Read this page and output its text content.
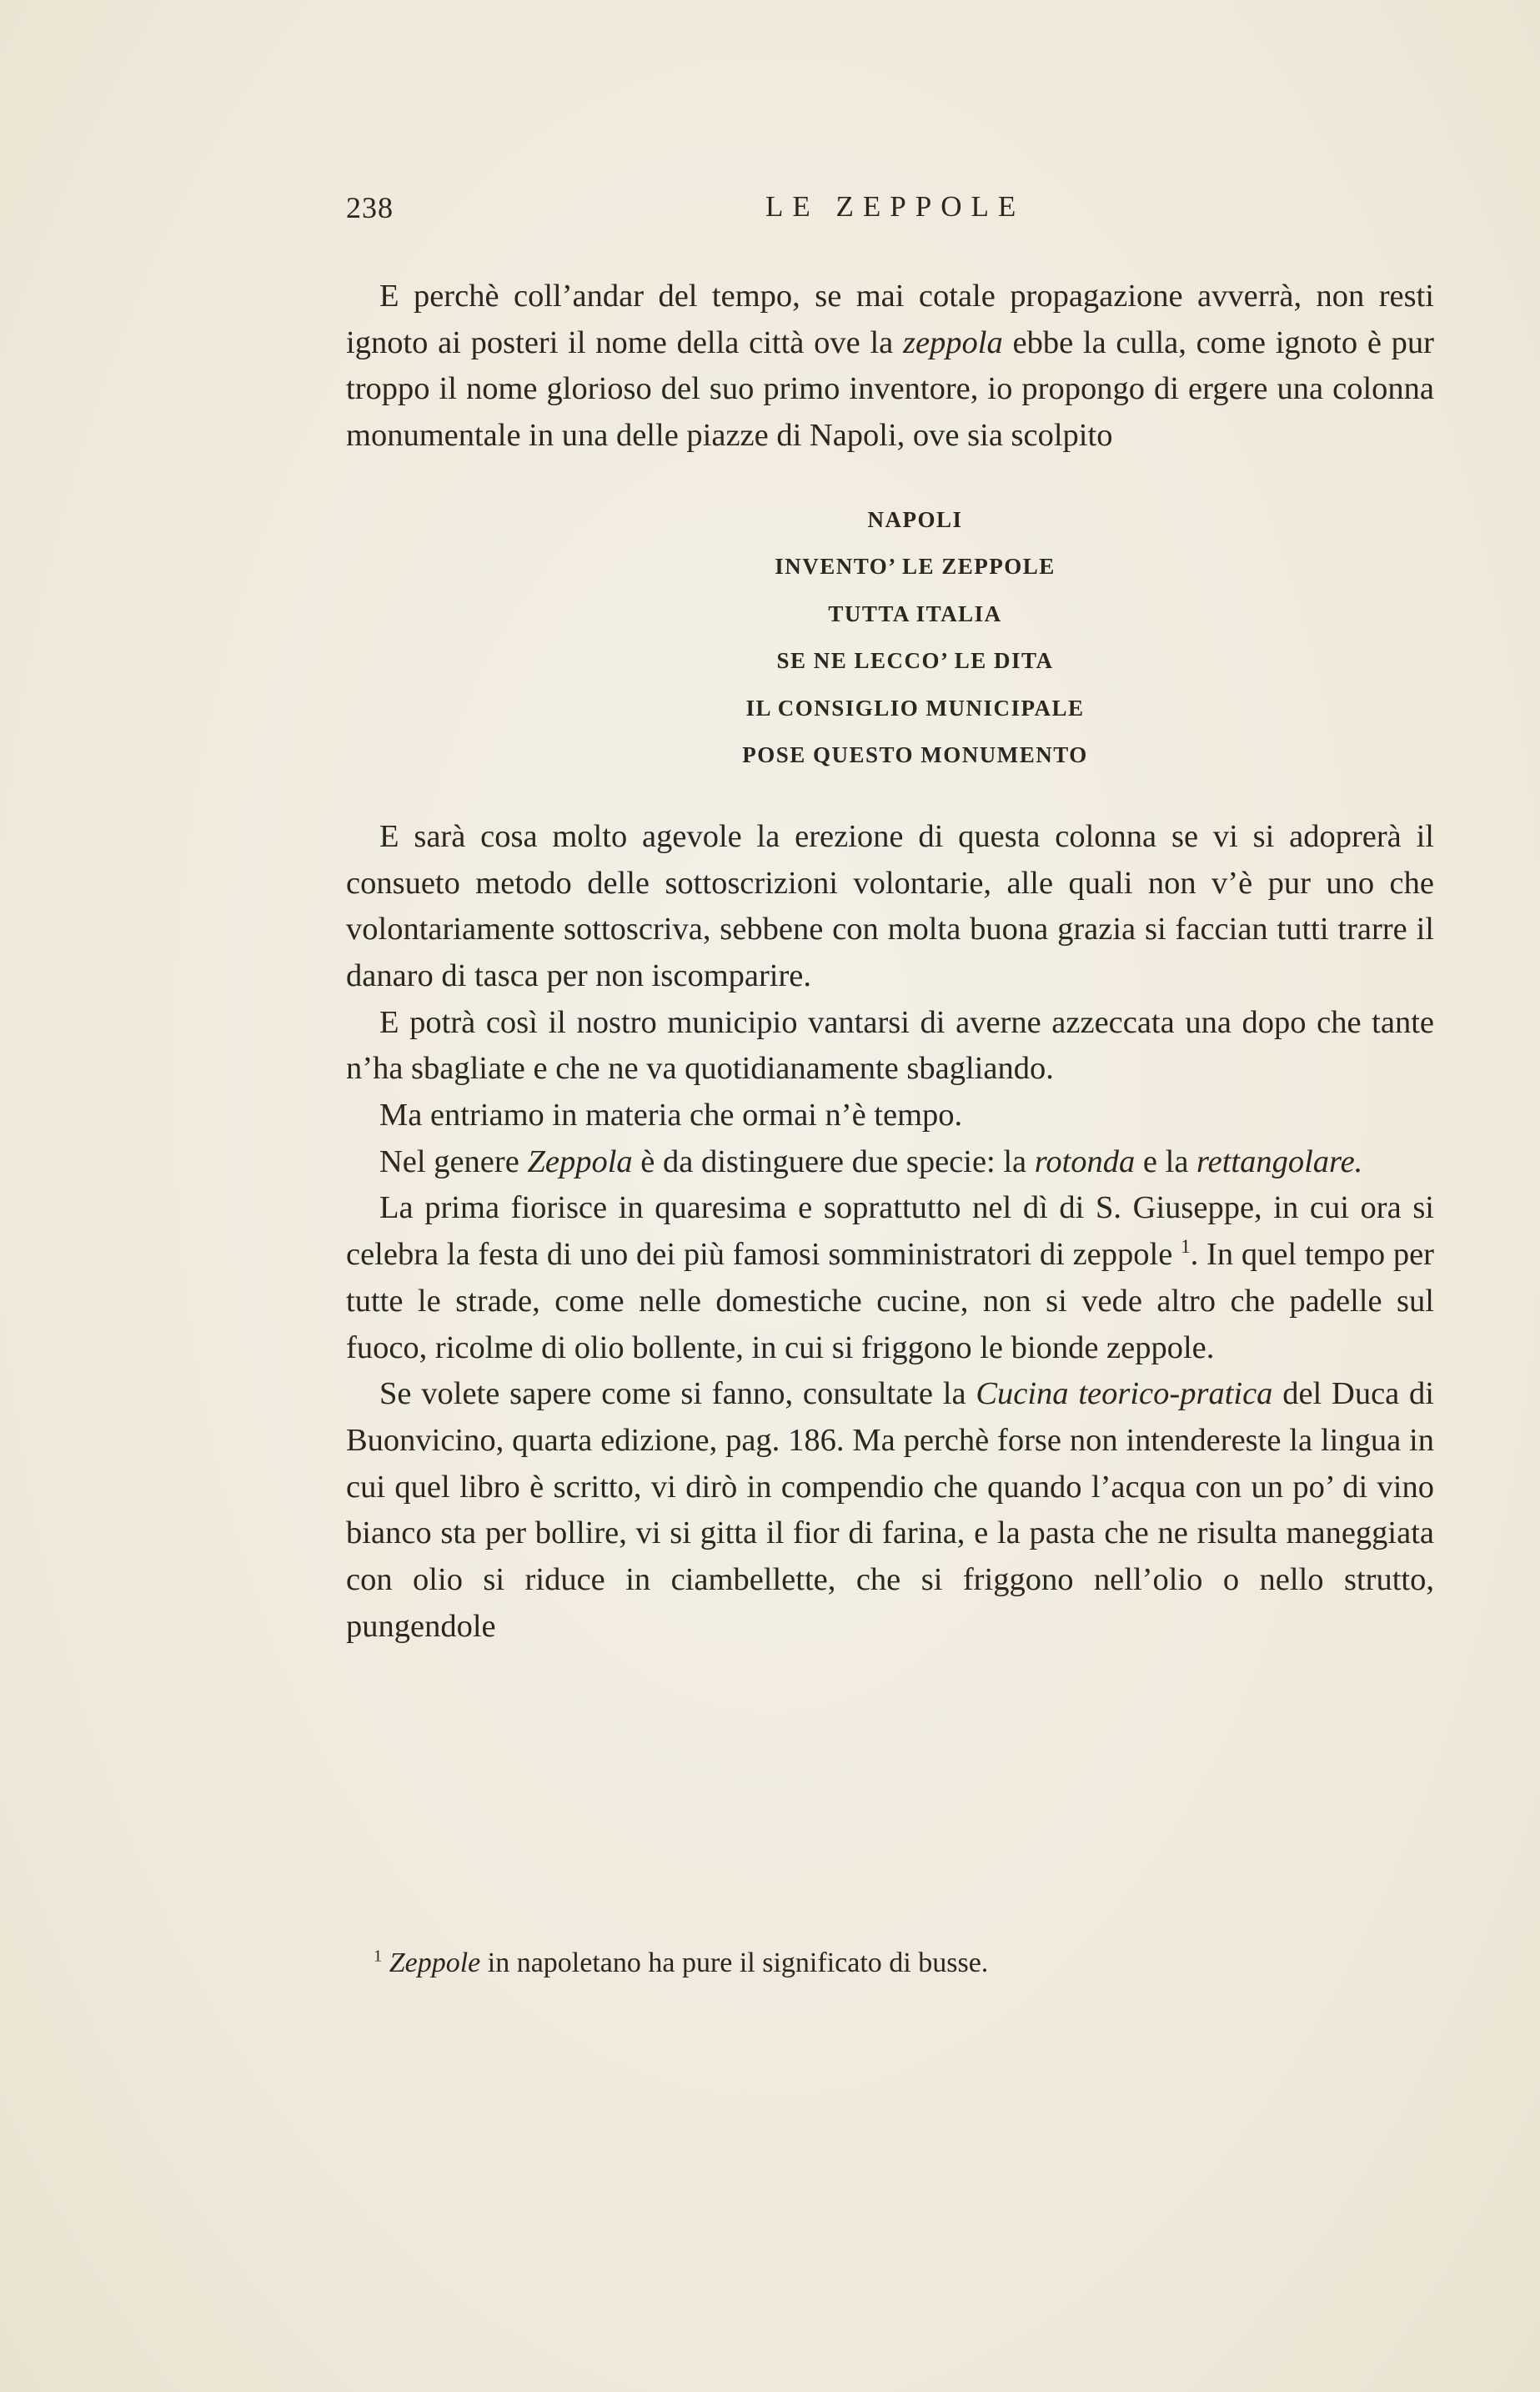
238	LE ZEPPOLE

E perchè coll’andar del tempo, se mai cotale propagazione avverrà, non resti ignoto ai posteri il nome della città ove la zeppola ebbe la culla, come ignoto è pur troppo il nome glorioso del suo primo inventore, io propongo di ergere una colonna monumentale in una delle piazze di Napoli, ove sia scolpito

NAPOLI
INVENTO’ LE ZEPPOLE
TUTTA ITALIA
SE NE LECCO’ LE DITA
IL CONSIGLIO MUNICIPALE
POSE QUESTO MONUMENTO

E sarà cosa molto agevole la erezione di questa colonna se vi si adoprerà il consueto metodo delle sottoscrizioni volontarie, alle quali non v’è pur uno che volontariamente sottoscriva, sebbene con molta buona grazia si faccian tutti trarre il danaro di tasca per non iscomparire.

E potrà così il nostro municipio vantarsi di averne azzeccata una dopo che tante n’ha sbagliate e che ne va quotidianamente sbagliando.

Ma entriamo in materia che ormai n’è tempo.

Nel genere Zeppola è da distinguere due specie: la rotonda e la rettangolare.

La prima fiorisce in quaresima e soprattutto nel dì di S. Giuseppe, in cui ora si celebra la festa di uno dei più famosi somministratori di zeppole $^1$. In quel tempo per tutte le strade, come nelle domestiche cucine, non si vede altro che padelle sul fuoco, ricolme di olio bollente, in cui si friggono le bionde zeppole.

Se volete sapere come si fanno, consultate la Cucina teorico-pratica del Duca di Buonvicino, quarta edizione, pag. 186. Ma perchè forse non intendereste la lingua in cui quel libro è scritto, vi dirò in compendio che quando l’acqua con un po’ di vino bianco sta per bollire, vi si gitta il fior di farina, e la pasta che ne risulta maneggiata con olio si riduce in ciambellette, che si friggono nell’olio o nello strutto, pungendole

$^1$ Zeppole in napoletano ha pure il significato di busse.
